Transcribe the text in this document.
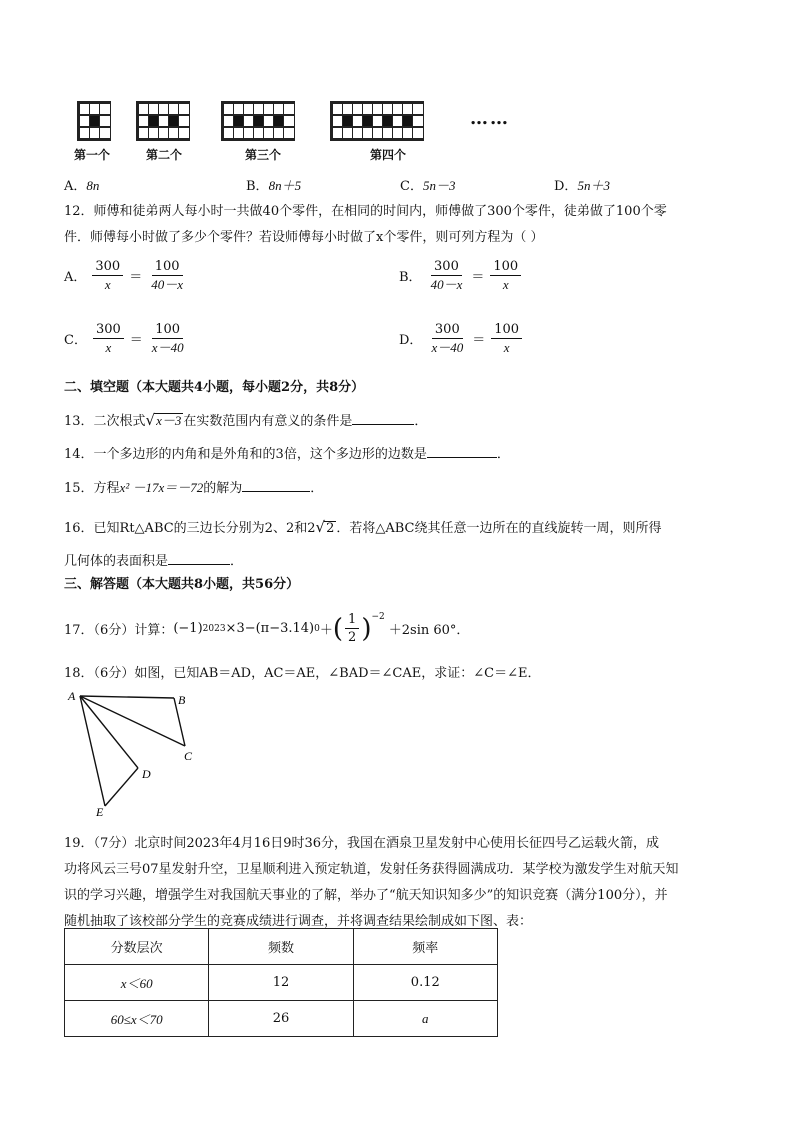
……
第一个	第二个	第三个	第四个
A．8n	B．8n＋5	C．5n－3	D．5n＋3
12．师傅和徒弟两人每小时一共做40个零件，在相同的时间内，师傅做了300个零件，徒弟做了100个零
件．师傅每小时做了多少个零件？若设师傅每小时做了x个零件，则可列方程为（ ）
A． $\frac{300}{x} = \frac{100}{40-x}$	B． $\frac{300}{40-x} = \frac{100}{x}$
C． $\frac{300}{x} = \frac{100}{x-40}$	D． $\frac{300}{x-40} = \frac{100}{x}$
二、填空题（本大题共4小题，每小题2分，共8分）
13．二次根式√x－3 在实数范围内有意义的条件是	．
14．一个多边形的内角和是外角和的3倍，这个多边形的边数是	．
15．方程x² －17x＝－72的解为	．
16．已知Rt△ABC的三边长分别为2、2和2√2 ．若将△ABC绕其任意一边所在的直线旋转一周，则所得
几何体的表面积是	．
三、解答题（本大题共8小题，共56分）
17．（6分）计算： (−1) 2023 ×3−(π−3.14) 0 ＋ ( $\frac{1}{2} )^{-2}$
＋2sin 60°．
18．（6分）如图，已知AB＝AD，AC＝AE，∠BAD＝∠CAE，求证：∠C＝∠E．
A	B
C
D
E
19．（7分）北京时间2023年4月16日9时36分，我国在酒泉卫星发射中心使用长征四号乙运载火箭，成
功将风云三号07星发射升空，卫星顺利进入预定轨道，发射任务获得圆满成功．某学校为激发学生对航天知
识的学习兴趣，增强学生对我国航天事业的了解，举办了“航天知识知多少”的知识竞赛（满分100分），并
随机抽取了该校部分学生的竞赛成绩进行调查，并将调查结果绘制成如下图、表：
分数层次	频数	频率
x＜60	12	0.12
60≤x＜70	26	a
